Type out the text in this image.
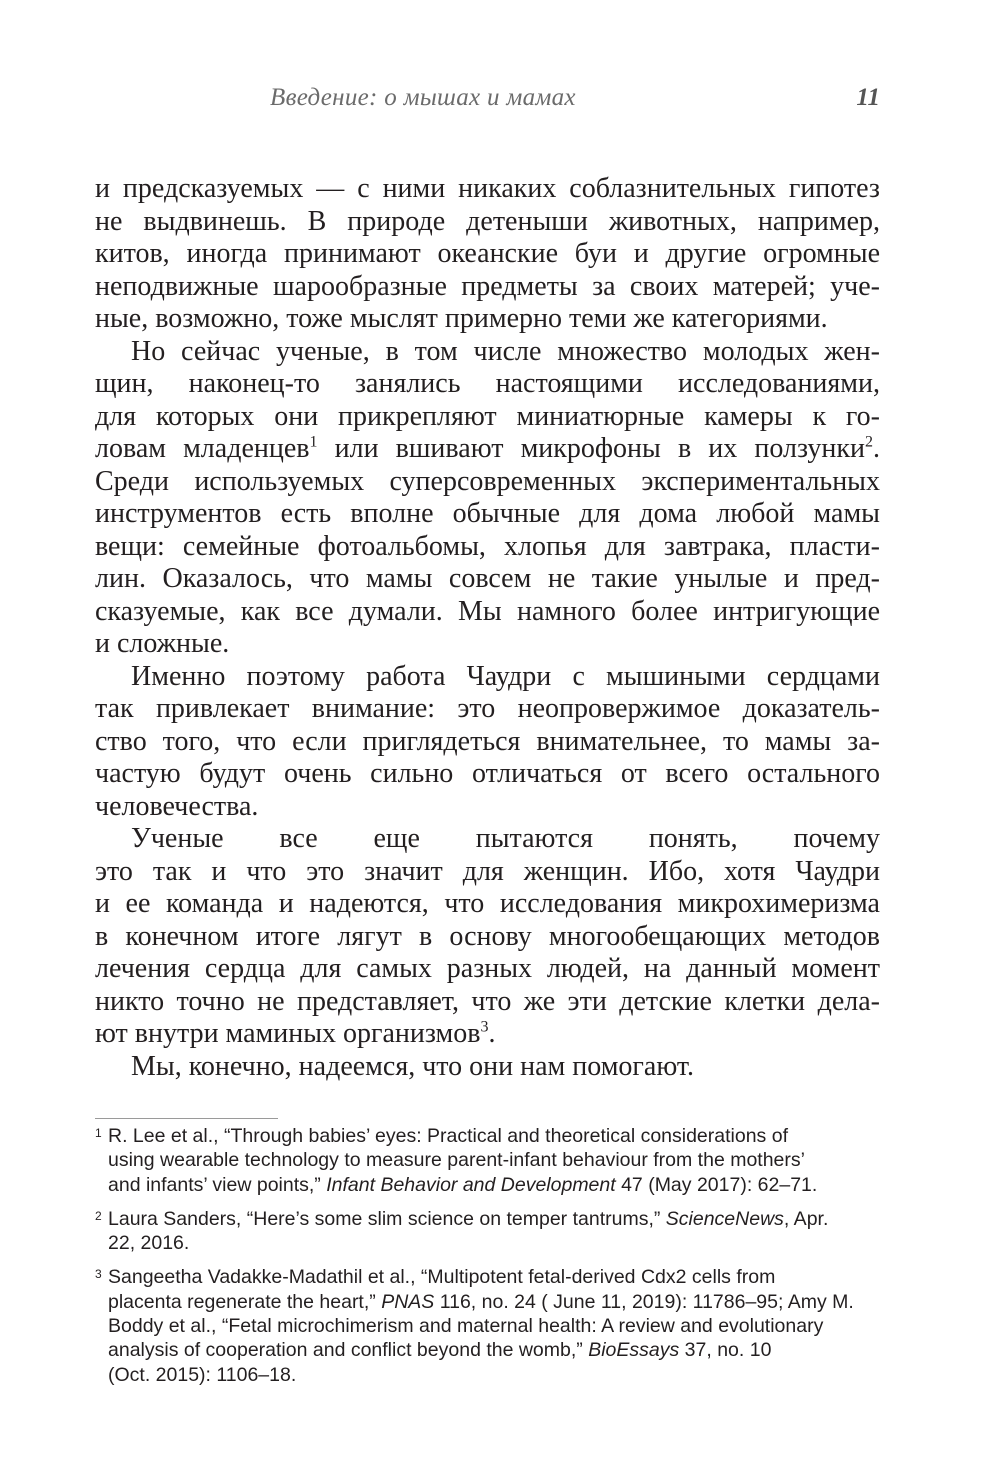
Введение: о мышах и мамах	11

и предсказуемых — с ними никаких соблазнительных гипотез
не выдвинешь. В природе детеныши животных, например,
китов, иногда принимают океанские буи и другие огромные
неподвижные шарообразные предметы за своих матерей; уче-
ные, возможно, тоже мыслят примерно теми же категориями.

Но сейчас ученые, в том числе множество молодых жен-
щин, наконец-то занялись настоящими исследованиями,
для которых они прикрепляют миниатюрные камеры к го-
ловам младенцев$^1$ или вшивают микрофоны в их ползунки$^2$.
Среди используемых суперсовременных экспериментальных
инструментов есть вполне обычные для дома любой мамы
вещи: семейные фотоальбомы, хлопья для завтрака, пласти-
лин. Оказалось, что мамы совсем не такие унылые и пред-
сказуемые, как все думали. Мы намного более интригующие
и сложные.

Именно поэтому работа Чаудри с мышиными сердцами
так привлекает внимание: это неопровержимое доказатель-
ство того, что если приглядеться внимательнее, то мамы за-
частую будут очень сильно отличаться от всего остального
человечества.

Ученые все еще пытаются понять, почему
это так и что это значит для женщин. Ибо, хотя Чаудри
и ее команда и надеются, что исследования микрохимеризма
в конечном итоге лягут в основу многообещающих методов
лечения сердца для самых разных людей, на данный момент
никто точно не представляет, что же эти детские клетки дела-
ют внутри маминых организмов$^3$.

Мы, конечно, надеемся, что они нам помогают.

1 R. Lee et al., “Through babies’ eyes: Practical and theoretical considerations of
using wearable technology to measure parent-infant behaviour from the mothers’
and infants’ view points,” Infant Behavior and Development 47 (May 2017): 62–71.
2 Laura Sanders, “Here’s some slim science on temper tantrums,” ScienceNews, Apr.
22, 2016.
3 Sangeetha Vadakke-Madathil et al., “Multipotent fetal-derived Cdx2 cells from
placenta regenerate the heart,” PNAS 116, no. 24 ( June 11, 2019): 11786–95; Amy M.
Boddy et al., “Fetal microchimerism and maternal health: A review and evolutionary
analysis of cooperation and conflict beyond the womb,” BioEssays 37, no. 10
(Oct. 2015): 1106–18.
